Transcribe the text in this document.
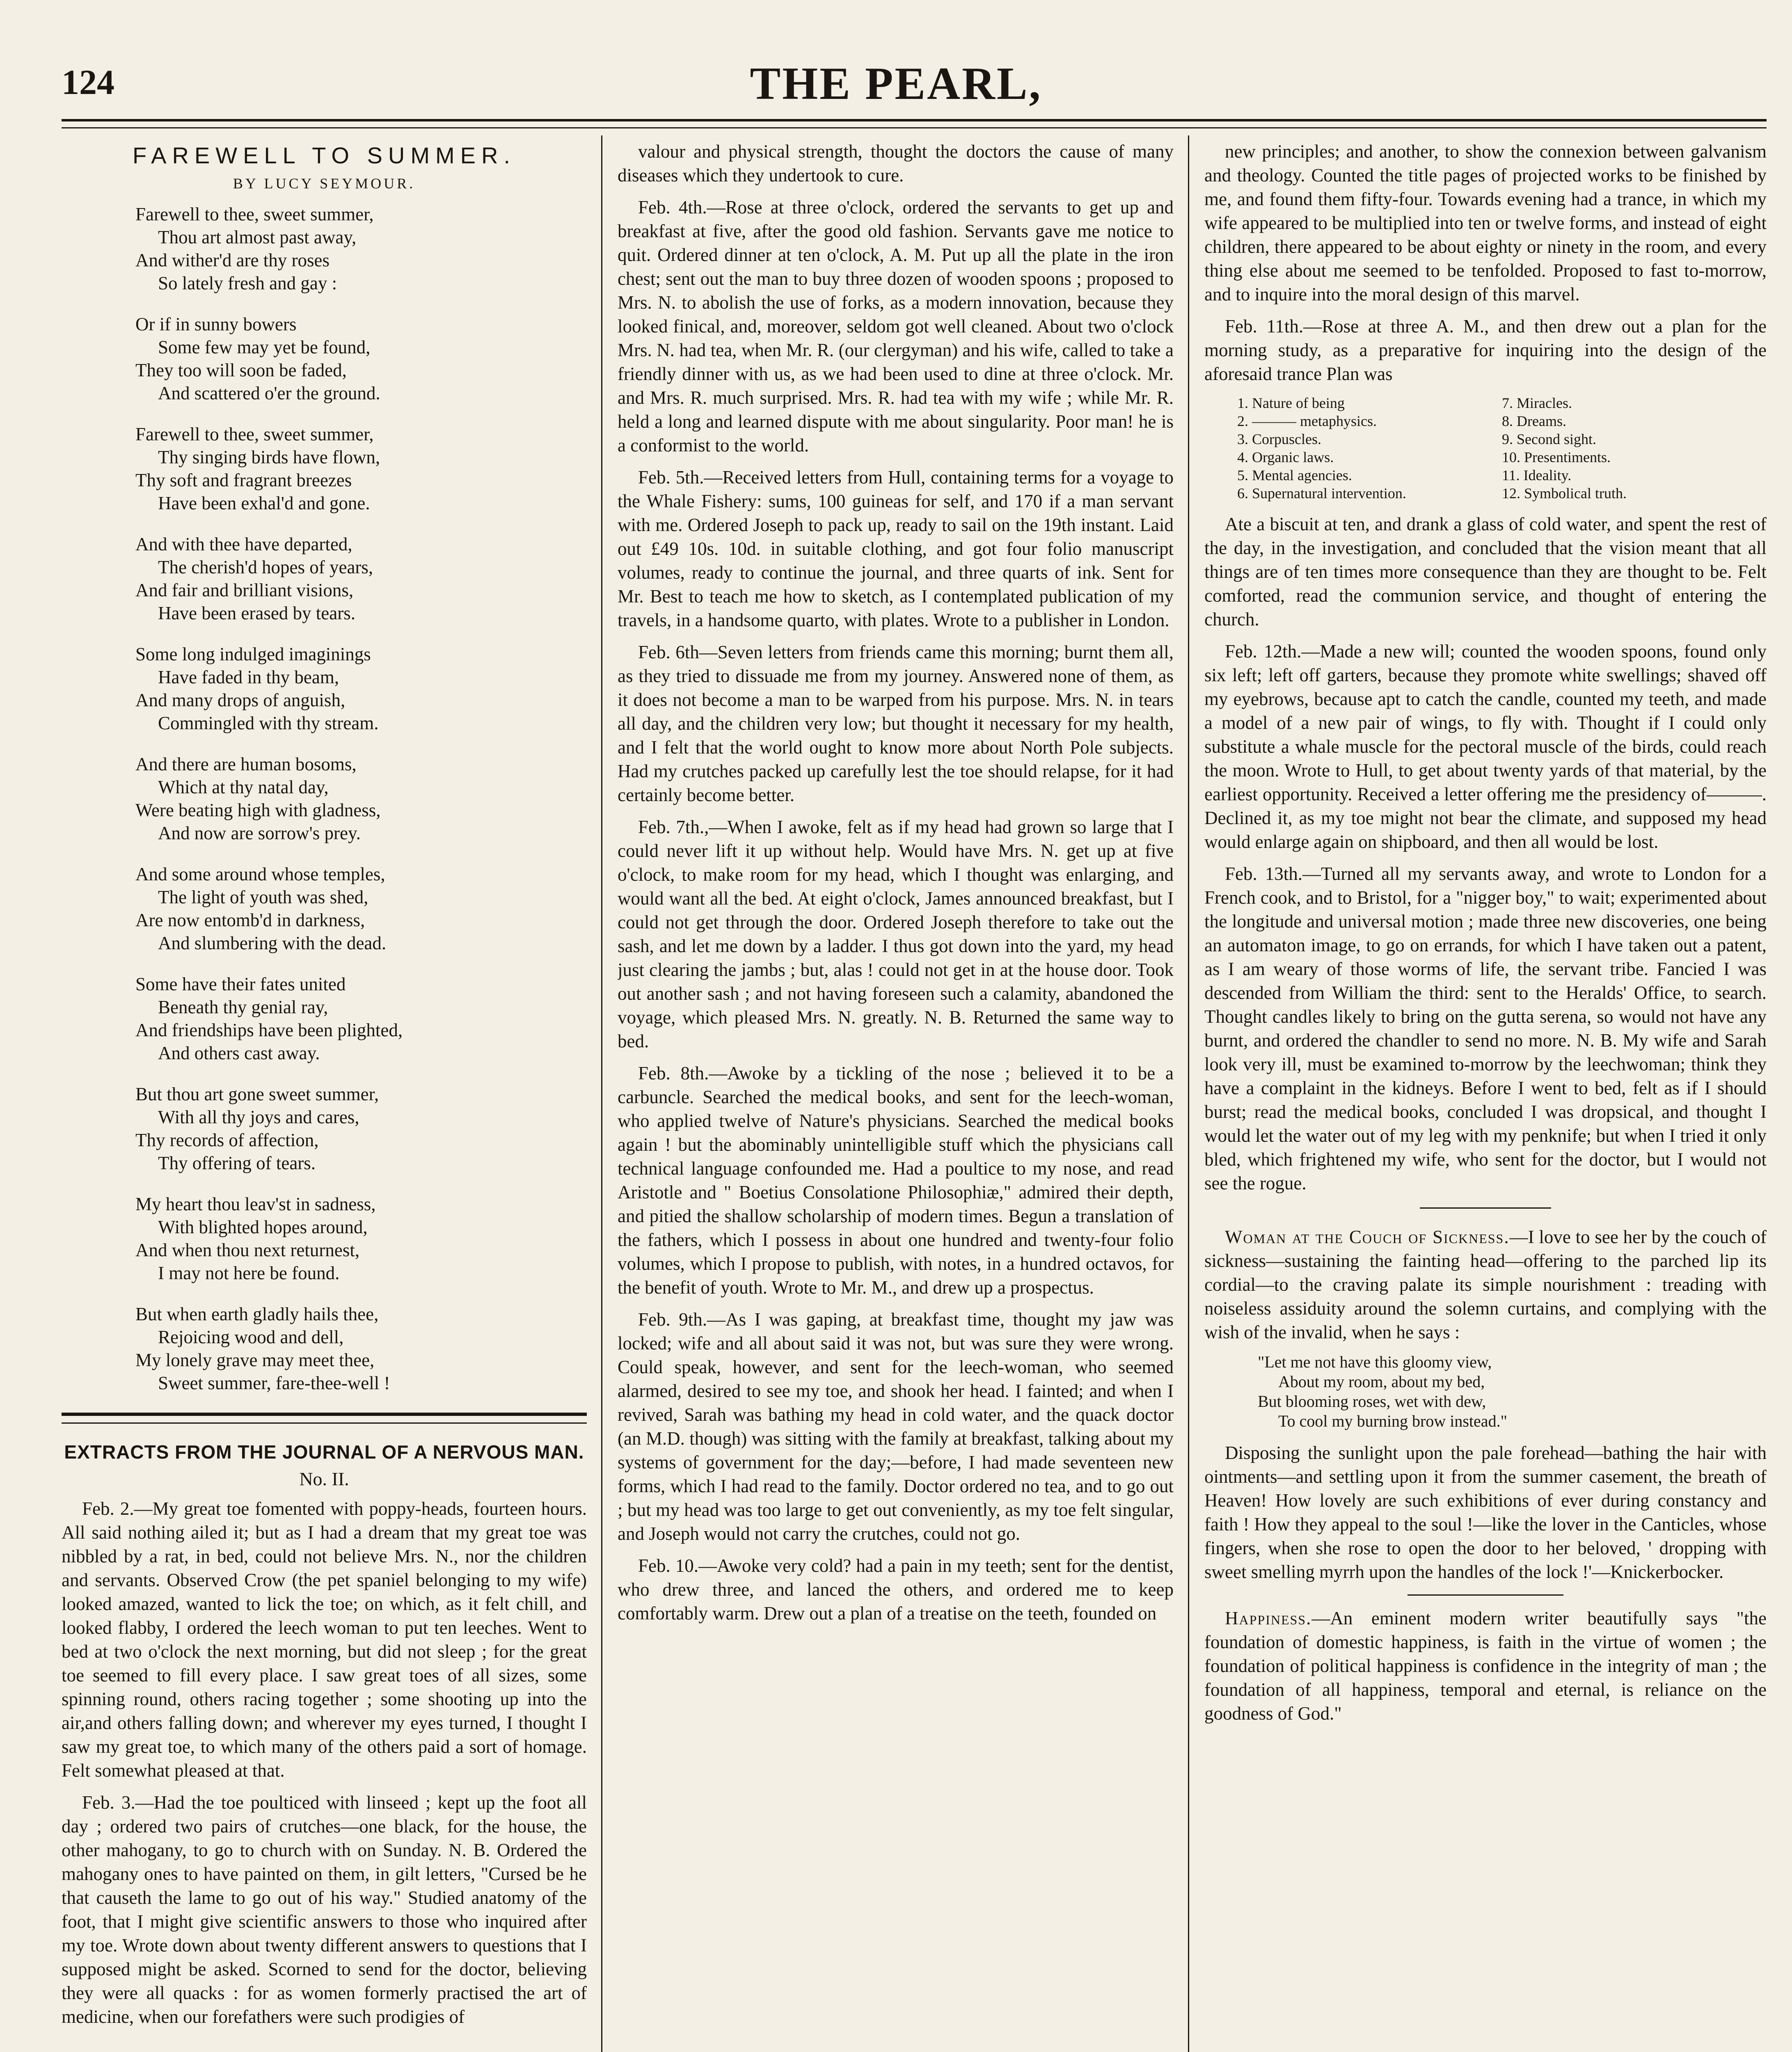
124	THE PEARL,
FAREWELL TO SUMMER.
BY LUCY SEYMOUR.
Farewell to thee, sweet summer,
Thou art almost past away,
And wither'd are thy roses
So lately fresh and gay :
Or if in sunny bowers
Some few may yet be found,
They too will soon be faded,
And scattered o'er the ground.
Farewell to thee, sweet summer,
Thy singing birds have flown,
Thy soft and fragrant breezes
Have been exhal'd and gone.
And with thee have departed,
The cherish'd hopes of years,
And fair and brilliant visions,
Have been erased by tears.
Some long indulged imaginings
Have faded in thy beam,
And many drops of anguish,
Commingled with thy stream.
And there are human bosoms,
Which at thy natal day,
Were beating high with gladness,
And now are sorrow's prey.
And some around whose temples,
The light of youth was shed,
Are now entomb'd in darkness,
And slumbering with the dead.
Some have their fates united
Beneath thy genial ray,
And friendships have been plighted,
And others cast away.
But thou art gone sweet summer,
With all thy joys and cares,
Thy records of affection,
Thy offering of tears.
My heart thou leav'st in sadness,
With blighted hopes around,
And when thou next returnest,
I may not here be found.
But when earth gladly hails thee,
Rejoicing wood and dell,
My lonely grave may meet thee,
Sweet summer, fare-thee-well !
EXTRACTS FROM THE JOURNAL OF A NERVOUS MAN.
No. II.

Feb. 2.—My great toe fomented with poppy-heads, fourteen hours. All said nothing ailed it; but as I had a dream that my great toe was nibbled by a rat, in bed, could not believe Mrs. N., nor the children and servants. Observed Crow (the pet spaniel belonging to my wife) looked amazed, wanted to lick the toe; on which, as it felt chill, and looked flabby, I ordered the leech woman to put ten leeches. Went to bed at two o'clock the next morning, but did not sleep ; for the great toe seemed to fill every place. I saw great toes of all sizes, some spinning round, others racing together ; some shooting up into the air,and others falling down; and wherever my eyes turned, I thought I saw my great toe, to which many of the others paid a sort of homage. Felt somewhat pleased at that.

Feb. 3.—Had the toe poulticed with linseed ; kept up the foot all day ; ordered two pairs of crutches—one black, for the house, the other mahogany, to go to church with on Sunday. N. B. Ordered the mahogany ones to have painted on them, in gilt letters, "Cursed be he that causeth the lame to go out of his way." Studied anatomy of the foot, that I might give scientific answers to those who inquired after my toe. Wrote down about twenty different answers to questions that I supposed might be asked. Scorned to send for the doctor, believing they were all quacks : for as women formerly practised the art of medicine, when our forefathers were such prodigies of

valour and physical strength, thought the doctors the cause of many diseases which they undertook to cure.

Feb. 4th.—Rose at three o'clock, ordered the servants to get up and breakfast at five, after the good old fashion. Servants gave me notice to quit. Ordered dinner at ten o'clock, A. M. Put up all the plate in the iron chest; sent out the man to buy three dozen of wooden spoons ; proposed to Mrs. N. to abolish the use of forks, as a modern innovation, because they looked finical, and, moreover, seldom got well cleaned. About two o'clock Mrs. N. had tea, when Mr. R. (our clergyman) and his wife, called to take a friendly dinner with us, as we had been used to dine at three o'clock. Mr. and Mrs. R. much surprised. Mrs. R. had tea with my wife ; while Mr. R. held a long and learned dispute with me about singularity. Poor man! he is a conformist to the world.

Feb. 5th.—Received letters from Hull, containing terms for a voyage to the Whale Fishery: sums, 100 guineas for self, and 170 if a man servant with me. Ordered Joseph to pack up, ready to sail on the 19th instant. Laid out £49 10s. 10d. in suitable clothing, and got four folio manuscript volumes, ready to continue the journal, and three quarts of ink. Sent for Mr. Best to teach me how to sketch, as I contemplated publication of my travels, in a handsome quarto, with plates. Wrote to a publisher in London.

Feb. 6th—Seven letters from friends came this morning; burnt them all, as they tried to dissuade me from my journey. Answered none of them, as it does not become a man to be warped from his purpose. Mrs. N. in tears all day, and the children very low; but thought it necessary for my health, and I felt that the world ought to know more about North Pole subjects. Had my crutches packed up carefully lest the toe should relapse, for it had certainly become better.

Feb. 7th.,—When I awoke, felt as if my head had grown so large that I could never lift it up without help. Would have Mrs. N. get up at five o'clock, to make room for my head, which I thought was enlarging, and would want all the bed. At eight o'clock, James announced breakfast, but I could not get through the door. Ordered Joseph therefore to take out the sash, and let me down by a ladder. I thus got down into the yard, my head just clearing the jambs ; but, alas ! could not get in at the house door. Took out another sash ; and not having foreseen such a calamity, abandoned the voyage, which pleased Mrs. N. greatly. N. B. Returned the same way to bed.

Feb. 8th.—Awoke by a tickling of the nose ; believed it to be a carbuncle. Searched the medical books, and sent for the leech-woman, who applied twelve of Nature's physicians. Searched the medical books again ! but the abominably unintelligible stuff which the physicians call technical language confounded me. Had a poultice to my nose, and read Aristotle and " Boetius Consolatione Philosophiæ," admired their depth, and pitied the shallow scholarship of modern times. Begun a translation of the fathers, which I possess in about one hundred and twenty-four folio volumes, which I propose to publish, with notes, in a hundred octavos, for the benefit of youth. Wrote to Mr. M., and drew up a prospectus.

Feb. 9th.—As I was gaping, at breakfast time, thought my jaw was locked; wife and all about said it was not, but was sure they were wrong. Could speak, however, and sent for the leech-woman, who seemed alarmed, desired to see my toe, and shook her head. I fainted; and when I revived, Sarah was bathing my head in cold water, and the quack doctor (an M.D. though) was sitting with the family at breakfast, talking about my systems of government for the day;—before, I had made seventeen new forms, which I had read to the family. Doctor ordered no tea, and to go out ; but my head was too large to get out conveniently, as my toe felt singular, and Joseph would not carry the crutches, could not go.

Feb. 10.—Awoke very cold? had a pain in my teeth; sent for the dentist, who drew three, and lanced the others, and ordered me to keep comfortably warm. Drew out a plan of a treatise on the teeth, founded on

new principles; and another, to show the connexion between galvanism and theology. Counted the title pages of projected works to be finished by me, and found them fifty-four. Towards evening had a trance, in which my wife appeared to be multiplied into ten or twelve forms, and instead of eight children, there appeared to be about eighty or ninety in the room, and every thing else about me seemed to be tenfolded. Proposed to fast to-morrow, and to inquire into the moral design of this marvel.

Feb. 11th.—Rose at three A. M., and then drew out a plan for the morning study, as a preparative for inquiring into the design of the aforesaid trance Plan was

1. Nature of being	7. Miracles.
2. ——— metaphysics.	8. Dreams.
3. Corpuscles.	9. Second sight.
4. Organic laws.	10. Presentiments.
5. Mental agencies.	11. Ideality.
6. Supernatural intervention.	12. Symbolical truth.

Ate a biscuit at ten, and drank a glass of cold water, and spent the rest of the day, in the investigation, and concluded that the vision meant that all things are of ten times more consequence than they are thought to be. Felt comforted, read the communion service, and thought of entering the church.

Feb. 12th.—Made a new will; counted the wooden spoons, found only six left; left off garters, because they promote white swellings; shaved off my eyebrows, because apt to catch the candle, counted my teeth, and made a model of a new pair of wings, to fly with. Thought if I could only substitute a whale muscle for the pectoral muscle of the birds, could reach the moon. Wrote to Hull, to get about twenty yards of that material, by the earliest opportunity. Received a letter offering me the presidency of———. Declined it, as my toe might not bear the climate, and supposed my head would enlarge again on shipboard, and then all would be lost.

Feb. 13th.—Turned all my servants away, and wrote to London for a French cook, and to Bristol, for a "nigger boy," to wait; experimented about the longitude and universal motion ; made three new discoveries, one being an automaton image, to go on errands, for which I have taken out a patent, as I am weary of those worms of life, the servant tribe. Fancied I was descended from William the third: sent to the Heralds' Office, to search. Thought candles likely to bring on the gutta serena, so would not have any burnt, and ordered the chandler to send no more. N. B. My wife and Sarah look very ill, must be examined to-morrow by the leechwoman; think they have a complaint in the kidneys. Before I went to bed, felt as if I should burst; read the medical books, concluded I was dropsical, and thought I would let the water out of my leg with my penknife; but when I tried it only bled, which frightened my wife, who sent for the doctor, but I would not see the rogue.

Woman at the Couch of Sickness.—I love to see her by the couch of sickness—sustaining the fainting head—offering to the parched lip its cordial—to the craving palate its simple nourishment : treading with noiseless assiduity around the solemn curtains, and complying with the wish of the invalid, when he says :

"Let me not have this gloomy view,
About my room, about my bed,
But blooming roses, wet with dew,
To cool my burning brow instead."

Disposing the sunlight upon the pale forehead—bathing the hair with ointments—and settling upon it from the summer casement, the breath of Heaven! How lovely are such exhibitions of ever during constancy and faith ! How they appeal to the soul !—like the lover in the Canticles, whose fingers, when she rose to open the door to her beloved, ' dropping with sweet smelling myrrh upon the handles of the lock !'—Knickerbocker.

Happiness.—An eminent modern writer beautifully says "the foundation of domestic happiness, is faith in the virtue of women ; the foundation of political happiness is confidence in the integrity of man ; the foundation of all happiness, temporal and eternal, is reliance on the goodness of God."
